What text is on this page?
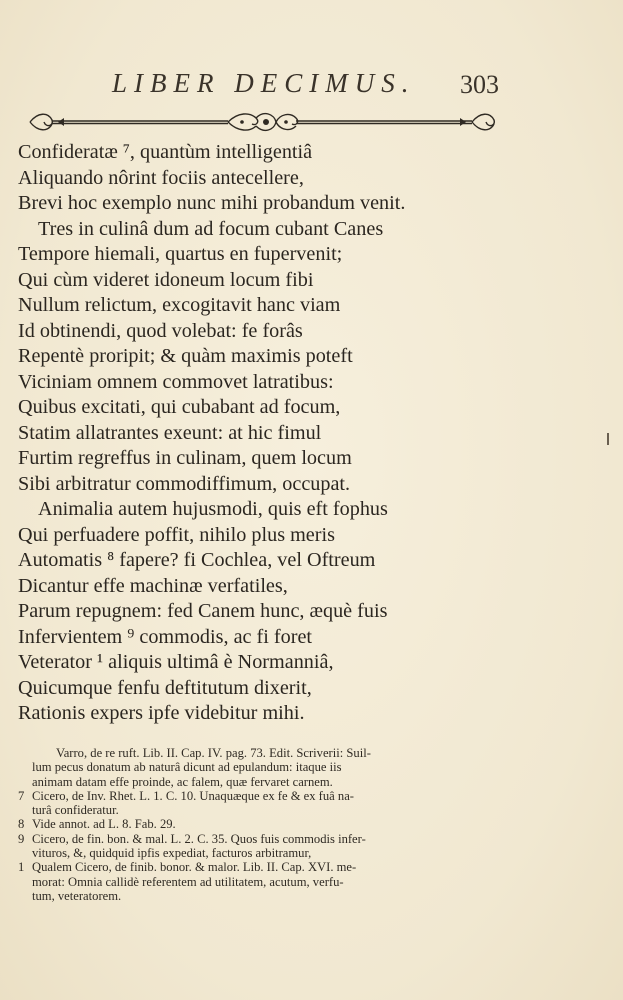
LIBER DECIMUS. 303
Confideratæ ⁷, quantùm intelligentiâ
Aliquando nôrint fociis antecellere,
Brevi hoc exemplo nunc mihi probandum venit.
Tres in culinâ dum ad focum cubant Canes
Tempore hiemali, quartus en fupervenit;
Qui cùm videret idoneum locum fibi
Nullum relictum, excogitavit hanc viam
Id obtinendi, quod volebat: fe forâs
Repentè proripit; & quàm maximis poteft
Viciniam omnem commovet latratibus:
Quibus excitati, qui cubabant ad focum,
Statim allatrantes exeunt: at hic fimul
Furtim regreffus in culinam, quem locum
Sibi arbitratur commodiffimum, occupat.
Animalia autem hujusmodi, quis eft fophus
Qui perfuadere poffit, nihilo plus meris
Automatis ⁸ fapere? fi Cochlea, vel Oftreum
Dicantur effe machinæ verfatiles,
Parum repugnem: fed Canem hunc, æquè fuis
Infervientem ⁹ commodis, ac fi foret
Veterator ¹ aliquis ultimâ è Normanniâ,
Quicumque fenfu deftitutum dixerit,
Rationis expers ipfe videbitur mihi.
Varro, de re ruft. Lib. II. Cap. IV. pag. 73. Edit. Scriverii: Suil-
lum pecus donatum ab naturâ dicunt ad epulandum: itaque iis
animam datam effe proinde, ac falem, quæ fervaret carnem.
7 Cicero, de Inv. Rhet. L. 1. C. 10. Unaquæque ex fe & ex fuâ na-
turâ confideratur.
8 Vide annot. ad L. 8. Fab. 29.
9 Cicero, de fin. bon. & mal. L. 2. C. 35. Quos fuis commodis infer-
vituros, &, quidquid ipfis expediat, facturos arbitramur,
1 Qualem Cicero, de finib. bonor. & malor. Lib. II. Cap. XVI. me-
morat: Omnia callidè referentem ad utilitatem, acutum, verfu-
tum, veteratorem.
